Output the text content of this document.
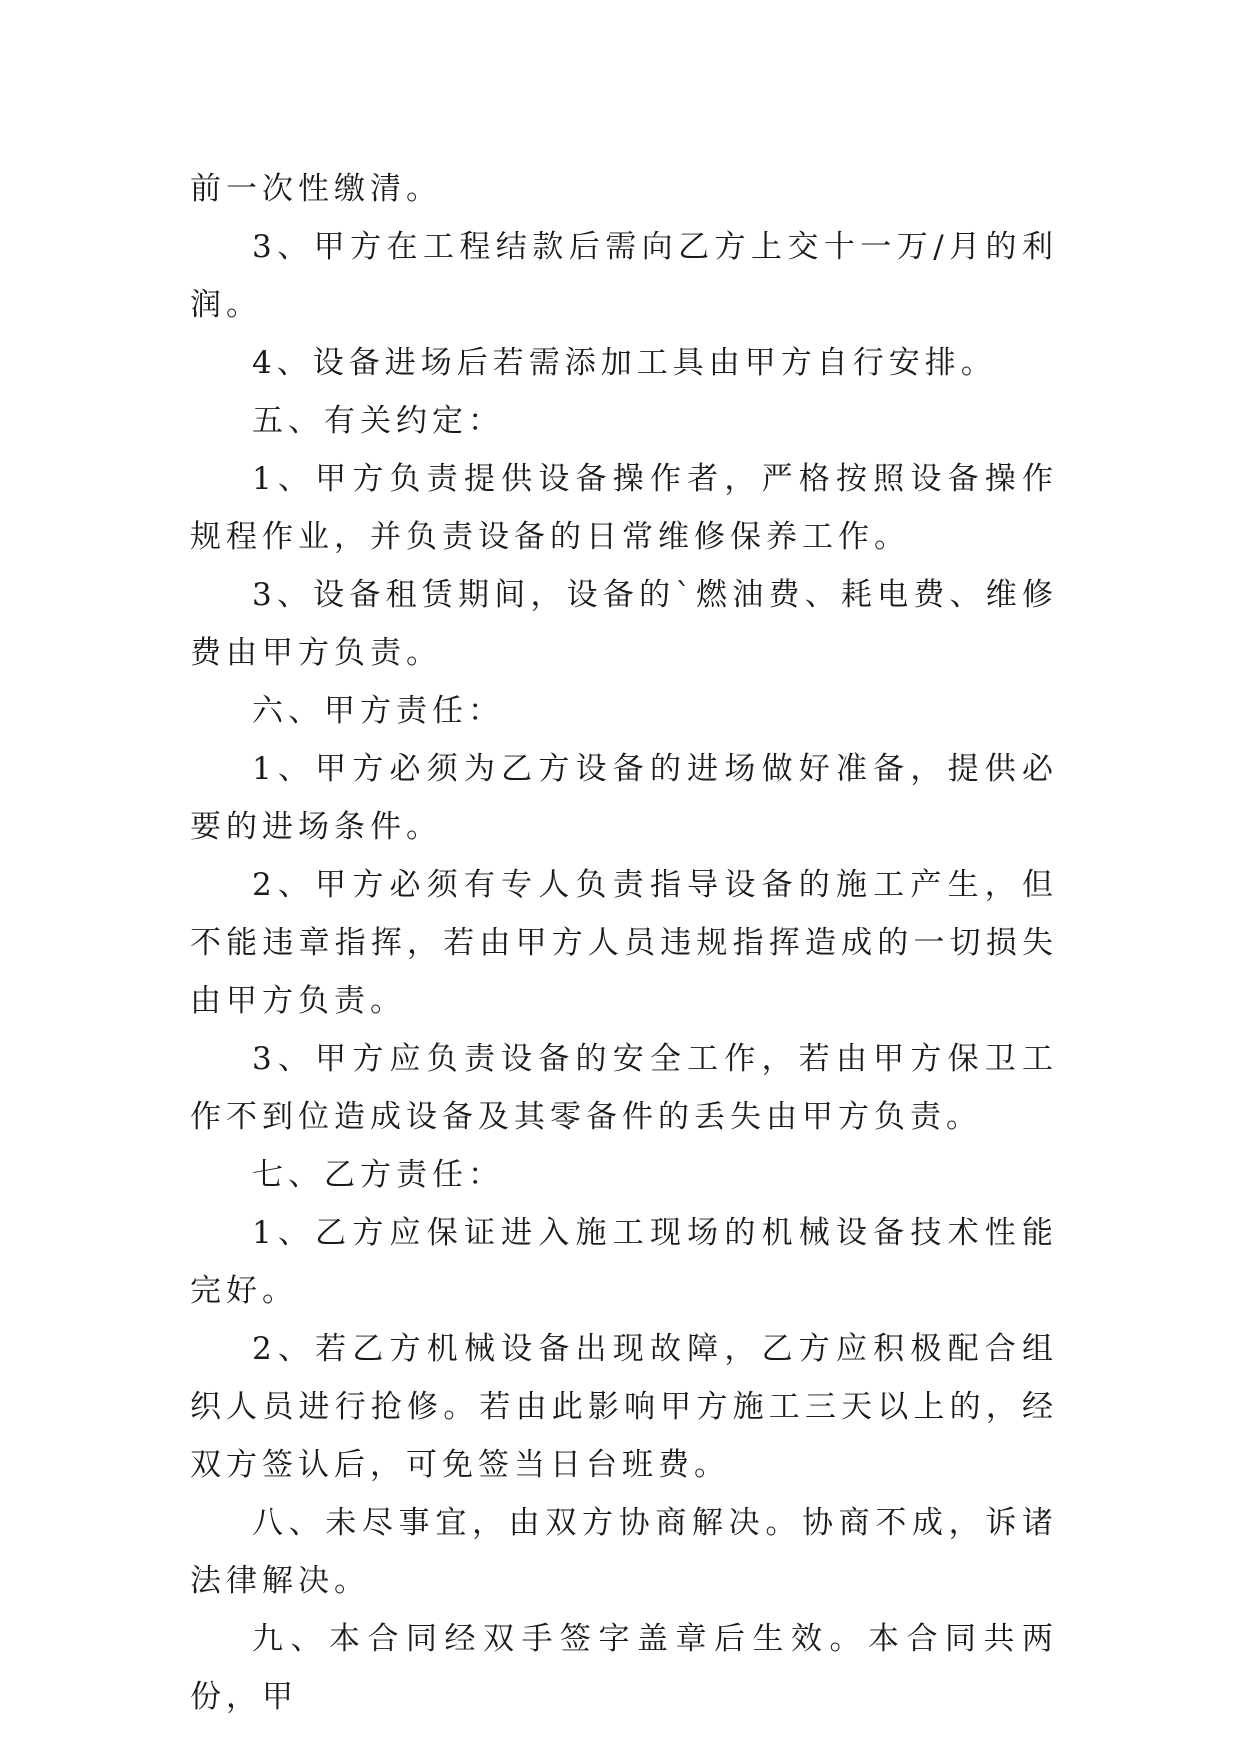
前一次性缴清。

3、甲方在工程结款后需向乙方上交十一万/月的利润。

4、设备进场后若需添加工具由甲方自行安排。

五、有关约定：

1、甲方负责提供设备操作者，严格按照设备操作规程作业，并负责设备的日常维修保养工作。

3、设备租赁期间，设备的`燃油费、耗电费、维修费由甲方负责。

六、甲方责任：

1、甲方必须为乙方设备的进场做好准备，提供必要的进场条件。

2、甲方必须有专人负责指导设备的施工产生，但不能违章指挥，若由甲方人员违规指挥造成的一切损失由甲方负责。

3、甲方应负责设备的安全工作，若由甲方保卫工作不到位造成设备及其零备件的丢失由甲方负责。

七、乙方责任：

1、乙方应保证进入施工现场的机械设备技术性能完好。

2、若乙方机械设备出现故障，乙方应积极配合组织人员进行抢修。若由此影响甲方施工三天以上的，经双方签认后，可免签当日台班费。

八、未尽事宜，由双方协商解决。协商不成，诉诸法律解决。

九、本合同经双手签字盖章后生效。本合同共两份，甲
